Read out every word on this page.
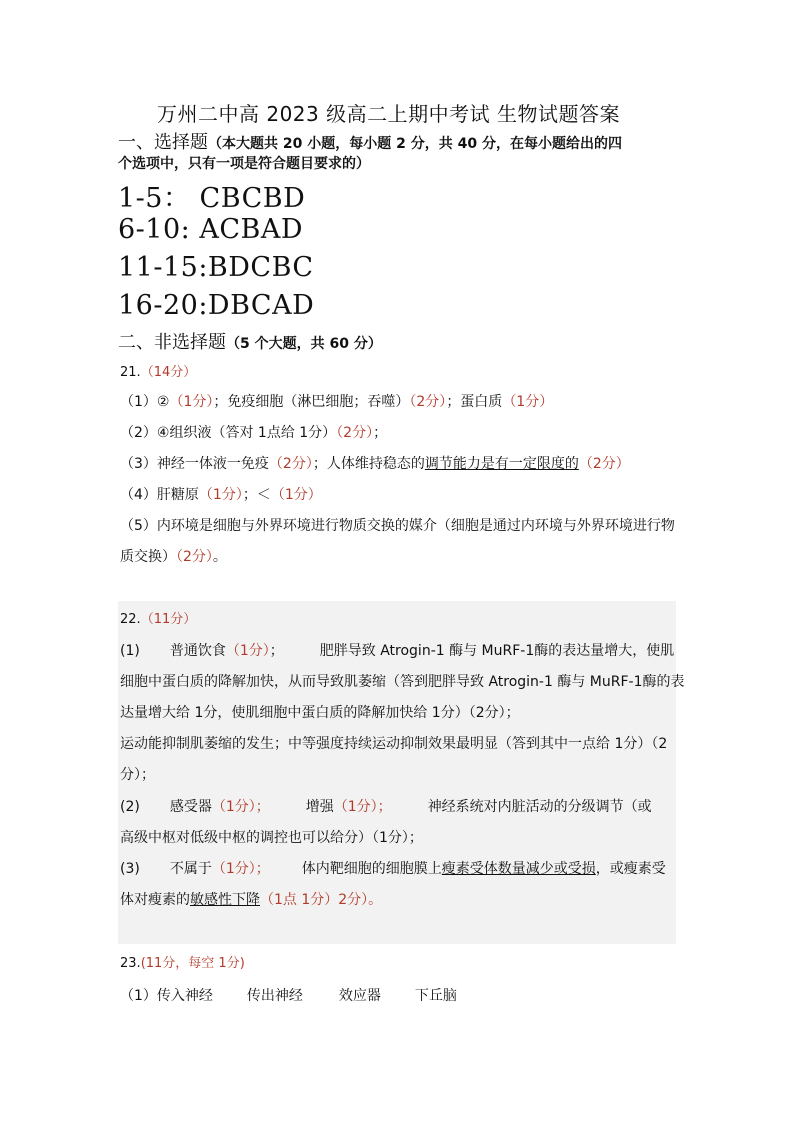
万州二中高 2023 级高二上期中考试 生物试题答案
一、选择题（本大题共 20 小题，每小题 2 分，共 40 分，在每小题给出的四
个选项中，只有一项是符合题目要求的）
1-5： CBCBD
6-10: ACBAD
11-15:BDCBC
16-20:DBCAD
二、非选择题（5 个大题，共 60 分）
21.（14分）
（1）②（1分）；免疫细胞（淋巴细胞；吞噬）（2分）；蛋白质（1分）
（2）④组织液（答对 1点给 1分）（2分）；
（3）神经一体液一免疫（2分）；人体维持稳态的调节能力是有一定限度的（2分）
（4）肝糖原（1分）；＜（1分）
（5）内环境是细胞与外界环境进行物质交换的媒介（细胞是通过内环境与外界环境进行物
质交换）（2分）。
22.（11分）
(1) 普通饮食（1分）；	肥胖导致 Atrogin-1 酶与 MuRF-1酶的表达量增大，使肌
细胞中蛋白质的降解加快，从而导致肌萎缩（答到肥胖导致 Atrogin-1 酶与 MuRF-1酶的表
达量增大给 1分，使肌细胞中蛋白质的降解加快给 1分）（2分）；
运动能抑制肌萎缩的发生；中等强度持续运动抑制效果最明显（答到其中一点给 1分）（2
分）；
(2) 感受器（1分）；	增强（1分）；	神经系统对内脏活动的分级调节（或
高级中枢对低级中枢的调控也可以给分）（1分）；
(3) 不属于（1分）； 体内靶细胞的细胞膜上瘦素受体数量减少或受损，或瘦素受
体对瘦素的敏感性下降（1点 1分）2分）。
23.(11分，每空 1分)
（1）传入神经 传出神经	效应器 下丘脑
